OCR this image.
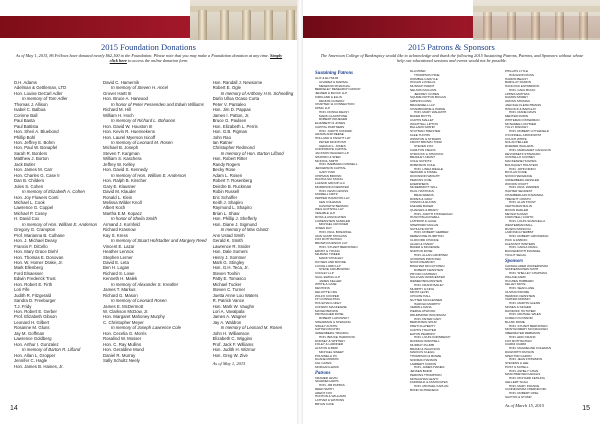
2015 Foundation Donations
As of May 1, 2015, 86 Fellows have donated nearly $62,100 to the Foundation. Please note that you may make a Foundation donation at any time. Simply click here to access the online donation form.
D.H. Adams
Adelman & Gettleman, LTD
Hon. Louise DeCarl Adler
In memory of Tom Adler
Thomas J. Allison
Isabel C. Balboa
Corinne Ball
Paul Basta
Paul Battista
Hon. Sheri A. Bluebond
Phillip Bohl
Hon. Jeffrey E. Bohm
Hon. Paul W. Bonapfel
Sarah R. Borders
Matthew J. Borton
Jack Butler
Hon. James M. Carr
Hon. Charles G. Case II
Dan B. Childers
Jules S. Cohen
In memory of Elizabeth A. Cohen
Hon. Joy Flowers Conti
Michael L. Cook
Lawrence G. Coppel
Michael P. Cosey
H. David Cox
In memory of Hon. William E. Anderson
Gregory G. Crampton
Prof. Marianna B. Culhane
Hon. J. Michael Deasy
Francis F. DiCello
Hon. Mary Grace Diehl
Hon. Thomas E. Donovan
Hon. W. Homer Drake, Jr.
Mark Ellenberg
Ford Elsaesser
Edwin Frederick Trust
Hon. Robert E. Firth
Lori Fife
Judith R. Fitzgerald
Sandra D. Freeburger
T.J. Fridy
Hon. Robert E. Gerber
Prof. Elizabeth Gibson
Leonard H. Gilbert
Rosanne M. Gluns
Jay M. Goffman
Lawrence Goldberg
Hon. Arthur I. Gonzalez
In memory of Barton R. Lifland
Hon. Allan L. Gropper
Jennifer C. Hagle
Hon. James B. Haines, Jr.
David C. Hamernik
In memory of Steven H. Ancel
Grover Hartt III
Hon. Bruce A. Harwood
In honor of Peter Fessenden and Edwin Williams
Richard M. Hill
William H. Hoch
In memory of Richard L. Bohanon
Hon. David W. Houston III
Hon. Kevin R. Huennekens
Hon. Laurel Myerson Isicoff
In memory of Leonard M. Rosen
Michael B. Joseph
Steven T. Kargman
William S. Kaschera
Jeffrey W. Kelley
Hon. David S. Kennedy
In memory of Hon. William E. Anderson
Hon. Ralph B. Kirscher
Gary E. Klausner
David M. Klauder
Ronald L. Klein
Melissa Wilder Knoll
Albert Koch
Martha E.M. Kopacz
In honor of Sheila Smith
Armand J. Kornfeld
Richard Krasnow
Kay S. Kress
In memory of Stuart Hofstadter and Margery Reed
Vincent E. Lazar
Heather Lennox
Stephen Lerner
David E. Leta
Ben H. Logan
Richard S. Lowe
Kenneth H. Malek
In memory of Alexander S. Kreafter
James T. Markus
Richard G. Mason
In memory of Leonard Rosen
James E. McDermott
W. Clarkson McDow, Jr.
Hon. Margaret Mahoney Murphy
C. Christopher Meyer
In memory of Joseph Lawrence Cole
Hon. Cecelia G. Morris
Rosalind W. Mosser
Hon. C. Ray Mullins
Hon. Geraldine Mund
Daniel R. Murray
Sally Schultz Neely
Hon. Randall J. Newsome
Robert E. Ogle
In memory of Anthony H.N. Schnelling
Darlo Ulloa Ocaso Corta
Peter V. Pantaleo
Hon. Jim D. Pappas
James I. Patton, Jr.
Bruce G. Paulsen
Hon. Elizabeth L. Perris
Hon. G.B. Pigman
John Rao
Ian Ratner
Christopher Redmond
In memory of Hon. Barton Lifland
Hon. Robert Ritter
Randy Rogers
Becky Rose
Adam L. Rosen
Robert T. Rosenberg
Deirdre B. Ruckman
Robin Russell
Eric Schaffer
Keith J. Shapiro
Raymond L. Shapiro
Brian L. Shaw
Hon. Phillip J. Shefferly
Hon. Diane J. Sigmund
In memory of Max Glantz
Ann Ustad Smith
Gerald K. Smith
Lawrence R. Snider
Hon. Dale Somers
Henry J. Sommer
Mark G. Stingley
Hon. G.H. Teca, Jr.
Steven Toohin
Patty E. Tomasco
Michael Tucker
Steven C. Turner
Juetta Anne Lou Waters
R. Patrick Vance
Hon. Mark W. Vaughn
Lori A. Vavalpala
James A. Wagner
Jay A. Waldron
In memory of Leonard M. Rosen
John H. Williamson
Elizabeth C. Wiggins
Prof. Jack F. Williams
Hon. Judith H. Wizmur
Hon. Greg W. Zive
As of May 1, 2015
14
2015 Patrons & Sponsors
The American College of Bankruptcy would like to acknowledge and thank the following 2015 Sustaining Patrons, Patrons, and Sponsors without whose help our educational sessions and events would not be possible.
Sustaining Patrons
ALIX & ELYSIUM
ALVAREZ & MARSAL
MESIROW FINANCIAL
BERKELEY RESEARCH GROUP
JENNER & BLOCK LLP
KIRKLAND & ELLIS
DENNIS CONWAY
CHAPTER 11 CONNECTION
KPMG LLP
HON. DONNA DEASY
MARK GLADSTONE
ROBERT KRUEGER
ELIZABETH & JONES
CAPITAL PARTNERS
HON. JUDITH CONNIFF
ADAMS AND REESE
HOLLAND & KNIGHT LLP
PETER MCINTOSH
GERALD L. JONES
CORPORATE CAPITAL
JACKSON WALKER LLP
SHAPIRO & SHER
MCKOOL SMITH
HON. BARBARA CONWELL
JEFFERSON CAPITAL
GARY FINK
CHIPMAN BROWN
PACHULSKI STANG
LAZARD GROUP LLC
MORRISON FOERSTER
HON. KEVIN GROSS
FARRELL FRITZ
PEPPER HAMILTON LLP
KEN COLEMAN
KASOWITZ BENSON
WEIL GOTSHAL LLP
VENABLE LLP
ROSS & ASSOCIATES
LOWENSTEIN SANDLER
MICHAEL CROCKER
JONES DAY
HON. PAUL BONAPFEL
AKIN GUMP STRAUSS
FOX ROTHSCHILD
BROWN RUDNICK LLP
HON. STUART BERNSTEIN
ERNST & YOUNG
MILBANK TWEED
MARK STINGLEY
HAYNES AND BOONE
LOCKE LORD LLP
STEVE JAKUBOWSKI
COOLEY LLP
SAUL EWING LLP
JAMES KELLER
WHITE & CASE
DENTONS
DELOITTE CRG
ZOLFO COOPER
FTI CONSULTING
HOULIHAN LOKEY
CONWAY MACKENZIE
MAYER BROWN
PROSKAUER ROSE
ROBERT LAPOWSKY
SHEARMAN & STERLING
SIDLEY AUSTIN
KATTEN MUCHIN
GREENBERG TRAURIG
HON. BRUCE HARWOOD
DORSEY & WHITNEY
FOLEY & LARDNER
ALSTON & BIRD
MICHAEL SWEET
POLSINELLI PC
DUANE MORRIS
K&L GATES
MORGAN LEWIS
Patrons
KRAMER LEVIN
SKADDEN ARPS
HON. JIM PAPPAS
REED SMITH
ARENT FOX
HUNTON & WILLIAMS
LATHAM & WATKINS
BRYAN CAVE
DLA PIPER
THOMPSON HINE
WOMBLE CARLYLE
HOGAN LOVELLS
MUNSCH HARDT
NELSON MULLINS
JEFFREY COHEN
SQUIRE PATTON BOGGS
GIBSON DUNN
BRACEWELL LLP
CHADBOURNE & PARKE
HON. MARY WALRATH
BAKER BOTTS
CURTIS MALLET
WACHTELL LIPTON
BALLARD SPAHR
STUTMAN TREISTER
KLEE TUCHIN
WINSTON & STRAWN
FROST BROWN TODD
STEVEN FOX
CARLTON FIELDS
STROOCK & STROOCK
BRADLEY ARANT
COLE SCHOTZ
ROBINSON COLE
HON. LINDA RIEGLE
SEWARD & KISSEL
DICKINSON WRIGHT
PERKINS COIE
EVERSHEDS
MCDERMOTT WILL
PAUL HASTINGS
BRAD ERENS
ROPES & GRAY
VINSON & ELKINS
FAEGRE BAKER
QUARLES & BRADY
HON. JUDITH FITZGERALD
HUSCH BLACKWELL
LATHROP & GAGE
SHEPPARD MULLIN
SCHULTE ROTH
HON. ROBERT GERBER
DEBEVOISE PLIMPTON
CLIFFORD CHANCE
ALLEN & OVERY
BAKER & MCKENZIE
NORTON ROSE
HON. ALLAN GROPPER
GOODWIN PROCTER
NIXON PEABODY
BINGHAM MCCUTCHEN
ROBERT FEINSTEIN
PRYOR CASHMAN
SULLIVAN WORCESTER
RIEMER BRAUNSTEIN
HON. FRANK BAILEY
MURPHY & KING
MINTZ LEVIN
CHOATE HALL
NUTTER MCCLENNEN
HAROLD MURPHY
VERRILL DANA
PIERCE ATWOOD
DRUMMOND WOODSUM
HON. PETER CARY
BERNSTEIN SHUR
PRETI FLAHERTY
CURTIS THAXTER
EATON PEABODY
HON. LOUIS KORNREICH
RUDMAN WINCHELL
MURRAY PLUMB
BRANN & ISAACSON
MARCUS CLEGG
THOMPSON & BOWIE
NORMAN HANSON
LAMBERT COFFIN
HON. JAMES HAINES
JENSEN BAIRD
PERKINS THOMPSON
MONAGHAN LEAHY
FAIRFIELD & ASSOCIATES
HON. MICHAEL KAPLAN
BOND SCHOENECK
PHILLIPS LYTLE
HODGSON RUSS
HARRIS BEACH
BARCLAY DAMON
HANCOCK ESTABROOK
HON. CARL BUCKI
LIPPES MATHIAS
DAMON MOREY
GROSS SHUMAN
JAECKLE FLEISCHMANN
HISCOCK & BARCLAY
HON. DIANE DAVIS
MENTER RUDIN
WHITEMAN OSTERMAN
MCNAMEE LOCHNER
TULLY RINCKEY
HON. ROBERT LITTLEFIELD
O'CONNELL ARONOWITZ
COUCH WHITE
NOLAN HELLER
ROEMER WALLENS
HON. MARGARET CANGILOS
DEVORSETZ STINZIANO
COSTELLO COONEY
MACKENZIE HUGHES
BOUSQUET HOLSTEIN
HON. JOHN NINFO
BOYLAN CODE
NIXON HARGRAVE
UNDERBERG KESSLER
WOODS OVIATT
HON. PAUL WARREN
HARTER SECREST
CHAMBERLAIN D'AMANDA
TREVETT CRISTO
HON. ALAN TRUST
CERTILMAN BALIN
RIVKIN RADLER
MEYER SUOZZI
FORCHELLI CURTO
HON. LOUIS SCARCELLA
WESTERMAN BALL
RUSKIN MOSCOU
LAMONICA HERBST
HON. ROBERT GROSSMAN
PICK & ZABICKI
KLESTADT WINTERS
HON. CARLA CRAIG
BACKENROTH FRANKEL
TOGUT SEGAL
Sponsors
CADWALADER WICKERSHAM
SONNENSCHEIN NATH
HON. SHELLEY CHAPMAN
WILLKIE FARR
HUGHES HUBBARD
KELLEY DRYE
HON. SEAN LANE
OLSHAN FROME
HERRICK FEINSTEIN
TARTER KRINSKY
HON. MARTIN GLENN
MOSES & SINGER
DAVIDOFF HUTCHER
HON. MICHAEL WILES
COZEN O'CONNOR
BLANK ROME
HON. STUART BERNSTEIN
MONTGOMERY MCCRACKEN
OBERMAYER REBMANN
HON. ERIC FRANK
FOX ROTHSCHILD
CIARDI CIARDI
HON. MAGDELINE COLEMAN
DILWORTH PAXSON
SPECTOR GADON
HON. JEAN FITZSIMON
STEVENS & LEE
POST & SCHELL
HON. ASHELY CHAN
MASCHMEYER KARALIS
HON. RICHARD FEHLING
GELLERT SCALI
HON. MARY FRANCE
CUNNINGHAM CHERNICOFF
HON. ROBERT OPEL
SAXTON & STUMP
As of March 15, 2015	15
